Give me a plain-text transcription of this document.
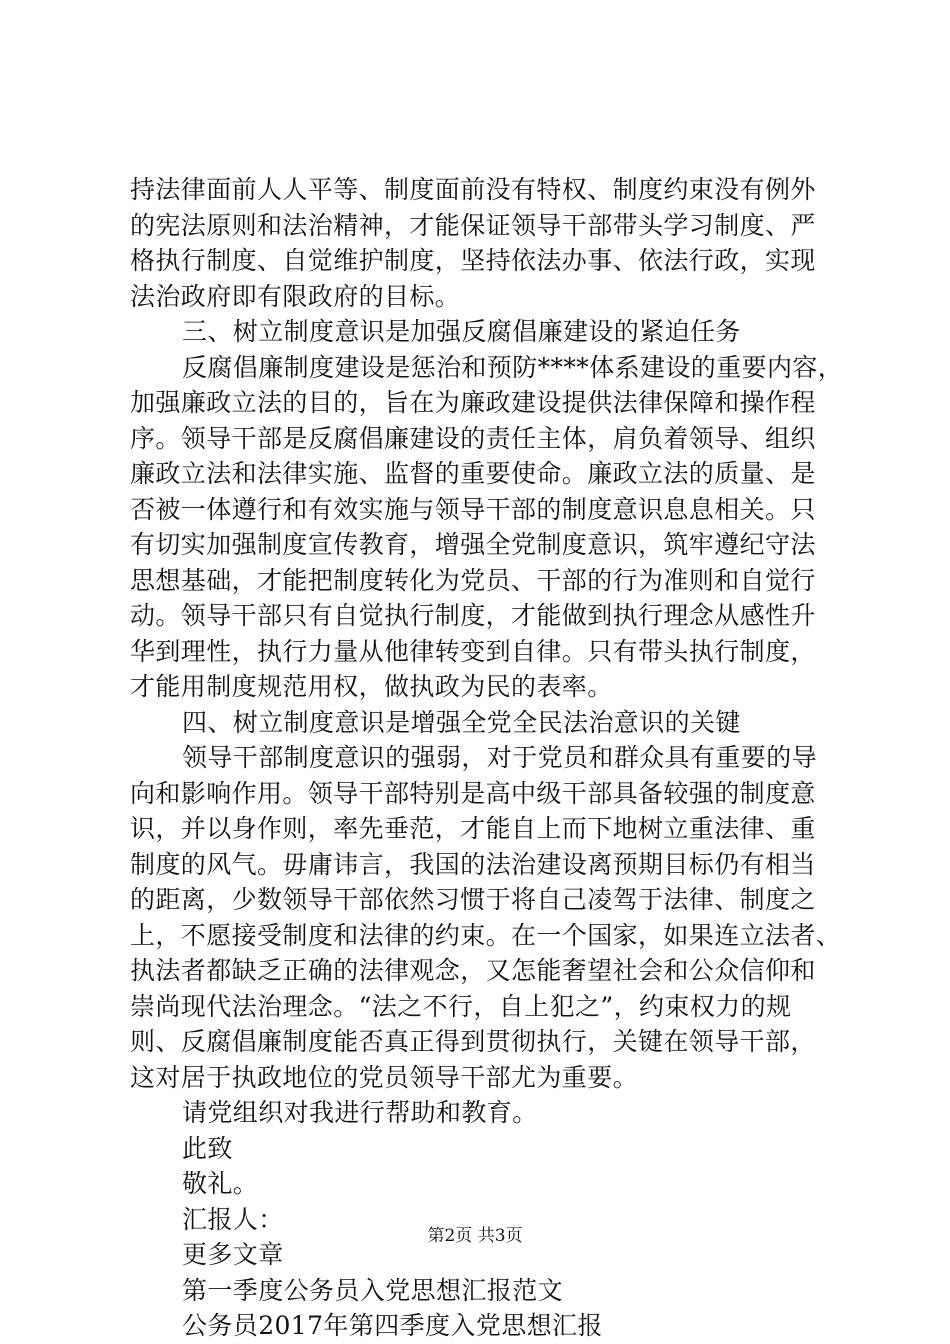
持法律面前人人平等、制度面前没有特权、制度约束没有例外
的宪法原则和法治精神，才能保证领导干部带头学习制度、严
格执行制度、自觉维护制度，坚持依法办事、依法行政，实现
法治政府即有限政府的目标。
三、树立制度意识是加强反腐倡廉建设的紧迫任务
反腐倡廉制度建设是惩治和预防****体系建设的重要内容，
加强廉政立法的目的，旨在为廉政建设提供法律保障和操作程
序。领导干部是反腐倡廉建设的责任主体，肩负着领导、组织
廉政立法和法律实施、监督的重要使命。廉政立法的质量、是
否被一体遵行和有效实施与领导干部的制度意识息息相关。只
有切实加强制度宣传教育，增强全党制度意识，筑牢遵纪守法
思想基础，才能把制度转化为党员、干部的行为准则和自觉行
动。领导干部只有自觉执行制度，才能做到执行理念从感性升
华到理性，执行力量从他律转变到自律。只有带头执行制度，
才能用制度规范用权，做执政为民的表率。
四、树立制度意识是增强全党全民法治意识的关键
领导干部制度意识的强弱，对于党员和群众具有重要的导
向和影响作用。领导干部特别是高中级干部具备较强的制度意
识，并以身作则，率先垂范，才能自上而下地树立重法律、重
制度的风气。毋庸讳言，我国的法治建设离预期目标仍有相当
的距离，少数领导干部依然习惯于将自己凌驾于法律、制度之
上，不愿接受制度和法律的约束。在一个国家，如果连立法者、
执法者都缺乏正确的法律观念，又怎能奢望社会和公众信仰和
崇尚现代法治理念。“法之不行，自上犯之”，约束权力的规
则、反腐倡廉制度能否真正得到贯彻执行，关键在领导干部，
这对居于执政地位的党员领导干部尤为重要。
请党组织对我进行帮助和教育。
此致
敬礼。
汇报人：
更多文章
第一季度公务员入党思想汇报范文
公务员2017年第四季度入党思想汇报
第2页 共3页
